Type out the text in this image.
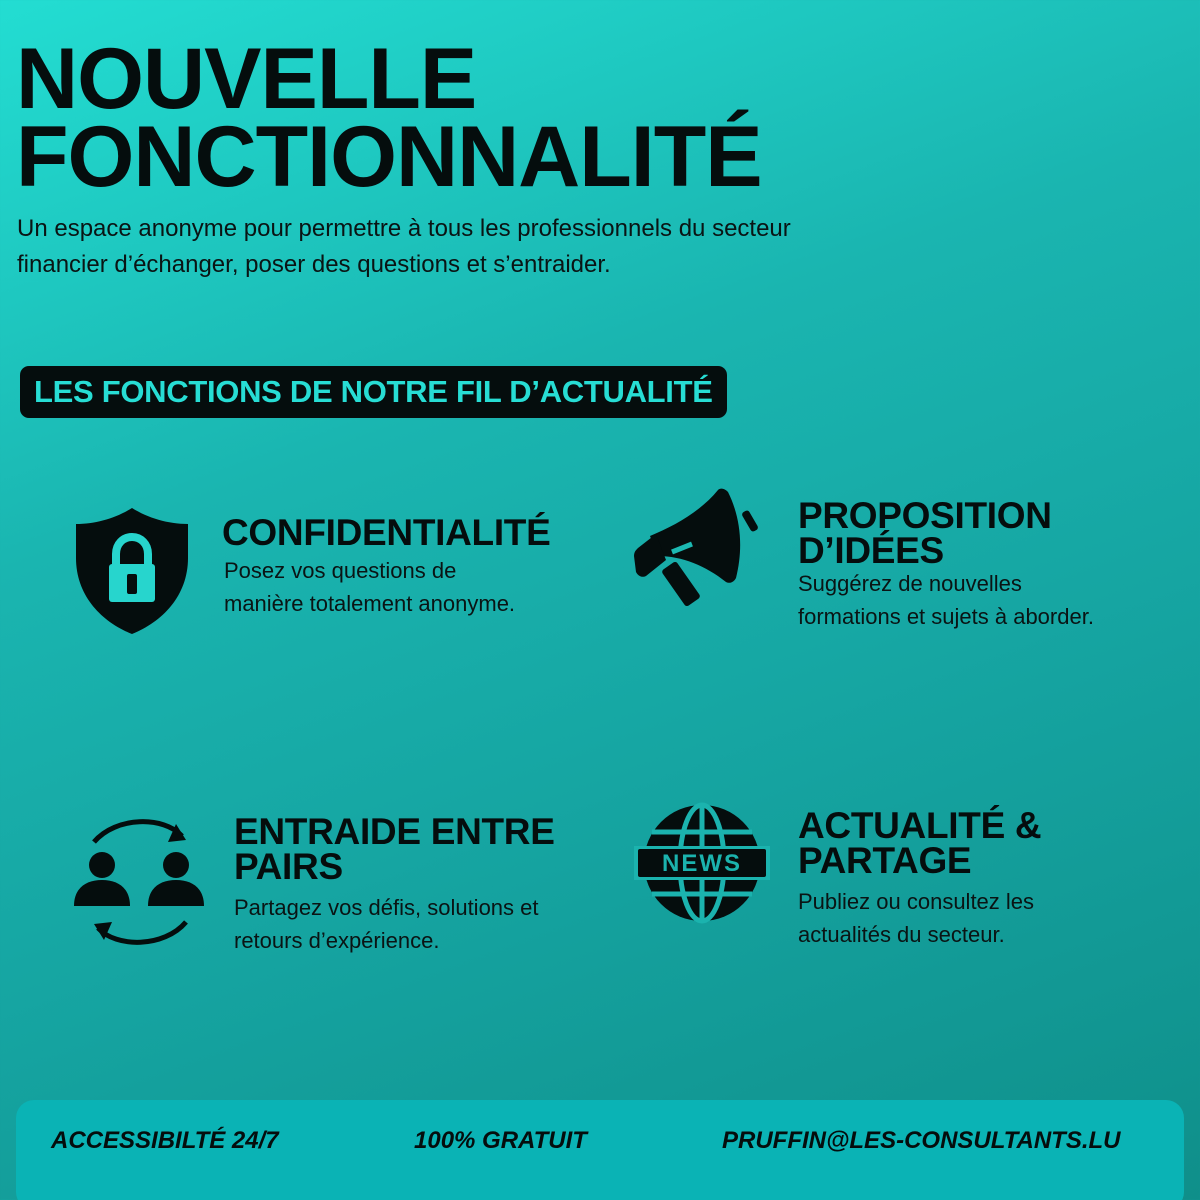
NOUVELLE
FONCTIONNALITÉ

Un espace anonyme pour permettre à tous les professionnels du secteur financier d’échanger, poser des questions et s’entraider.

LES FONCTIONS DE NOTRE FIL D’ACTUALITÉ
CONFIDENTIALITÉ
Posez vos questions de
manière totalement anonyme.
PROPOSITION
D’IDÉES
Suggérez de nouvelles
formations et sujets à aborder.
ENTRAIDE ENTRE
PAIRS
Partagez vos défis, solutions et
retours d’expérience.
NEWS
ACTUALITÉ &
PARTAGE
Publiez ou consultez les
actualités du secteur.
ACCESSIBILTÉ 24/7	100% GRATUIT	PRUFFIN@LES-CONSULTANTS.LU
